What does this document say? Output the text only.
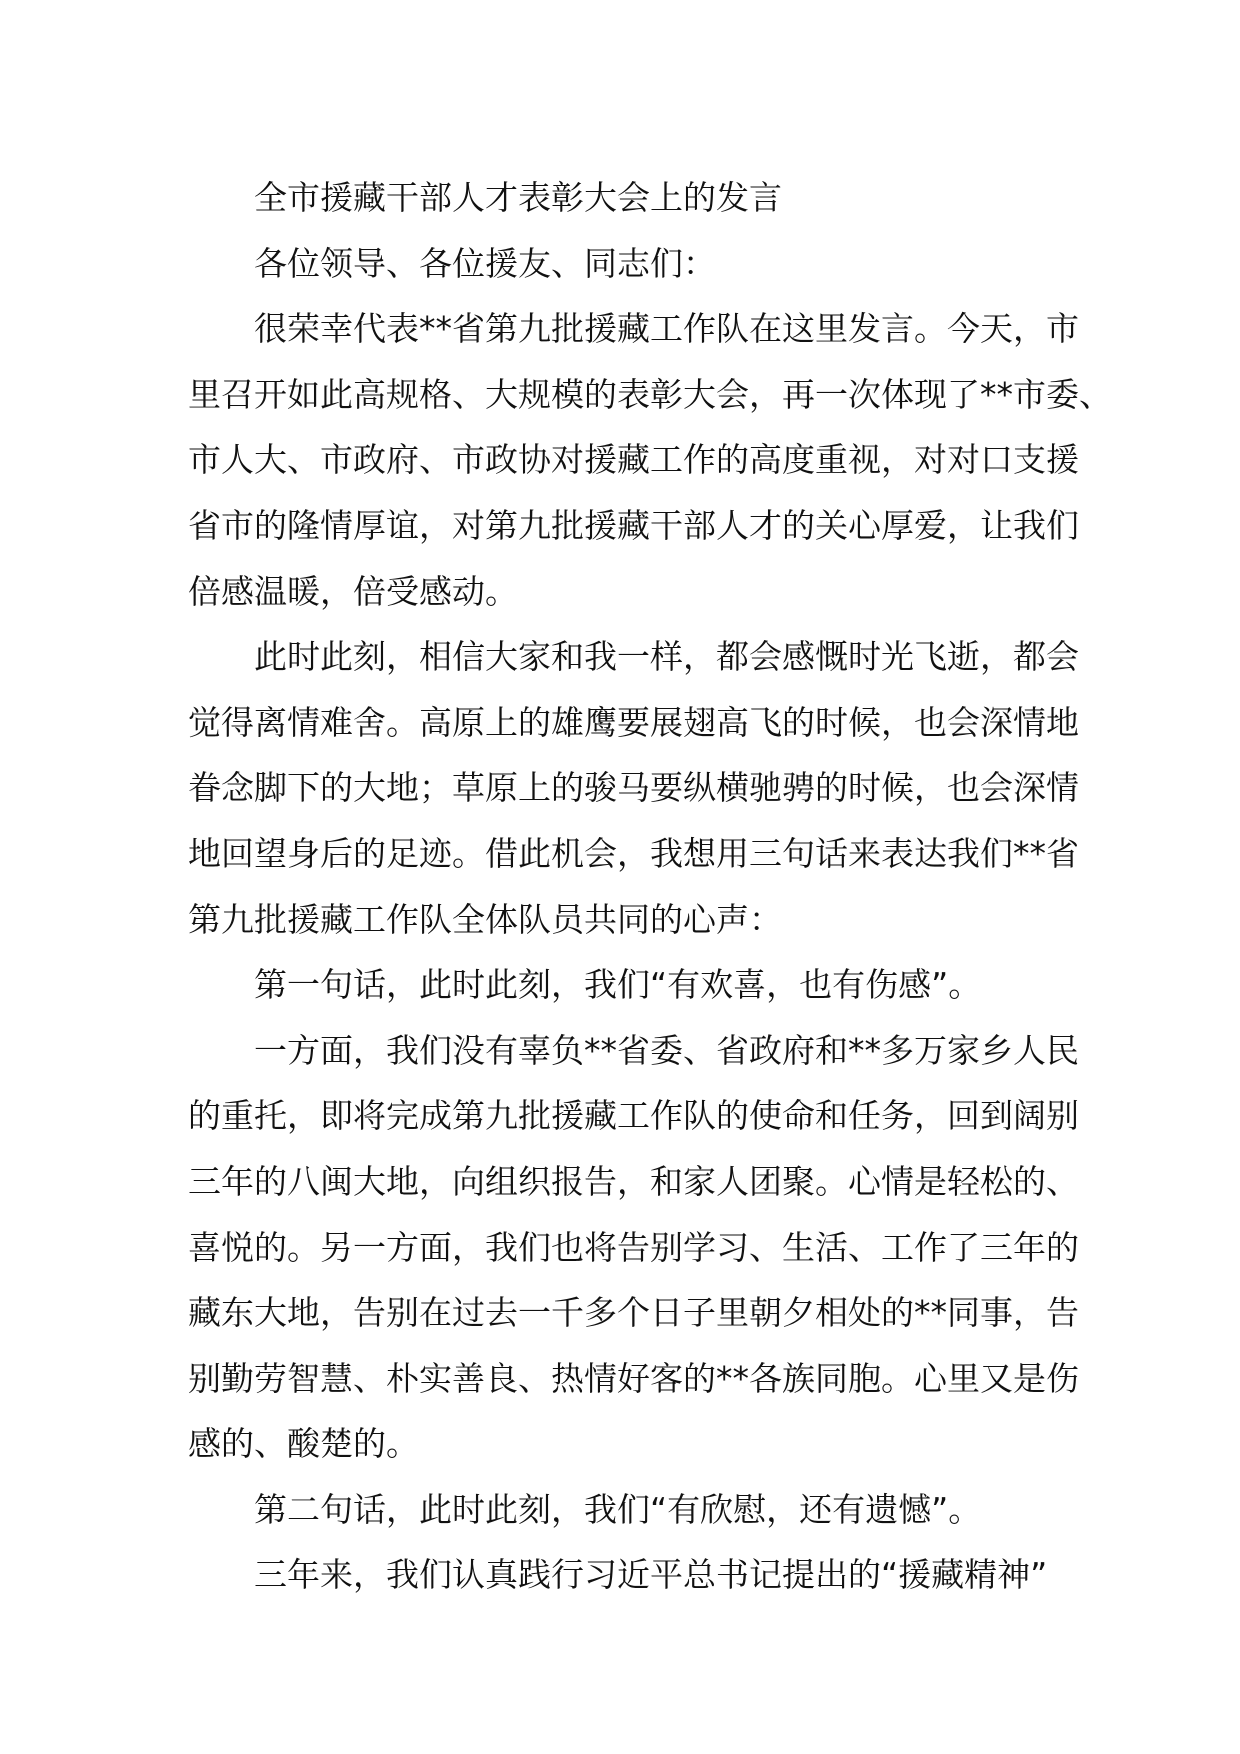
全市援藏干部人才表彰大会上的发言

各位领导、各位援友、同志们：

很荣幸代表**省第九批援藏工作队在这里发言。今天，市
里召开如此高规格、大规模的表彰大会，再一次体现了**市委、
市人大、市政府、市政协对援藏工作的高度重视，对对口支援
省市的隆情厚谊，对第九批援藏干部人才的关心厚爱，让我们
倍感温暖，倍受感动。

此时此刻，相信大家和我一样，都会感慨时光飞逝，都会
觉得离情难舍。高原上的雄鹰要展翅高飞的时候，也会深情地
眷念脚下的大地；草原上的骏马要纵横驰骋的时候，也会深情
地回望身后的足迹。借此机会，我想用三句话来表达我们**省
第九批援藏工作队全体队员共同的心声：

第一句话，此时此刻，我们“有欢喜，也有伤感”。

一方面，我们没有辜负**省委、省政府和**多万家乡人民
的重托，即将完成第九批援藏工作队的使命和任务，回到阔别
三年的八闽大地，向组织报告，和家人团聚。心情是轻松的、
喜悦的。另一方面，我们也将告别学习、生活、工作了三年的
藏东大地，告别在过去一千多个日子里朝夕相处的**同事，告
别勤劳智慧、朴实善良、热情好客的**各族同胞。心里又是伤
感的、酸楚的。

第二句话，此时此刻，我们“有欣慰，还有遗憾”。

三年来，我们认真践行习近平总书记提出的“援藏精神”
